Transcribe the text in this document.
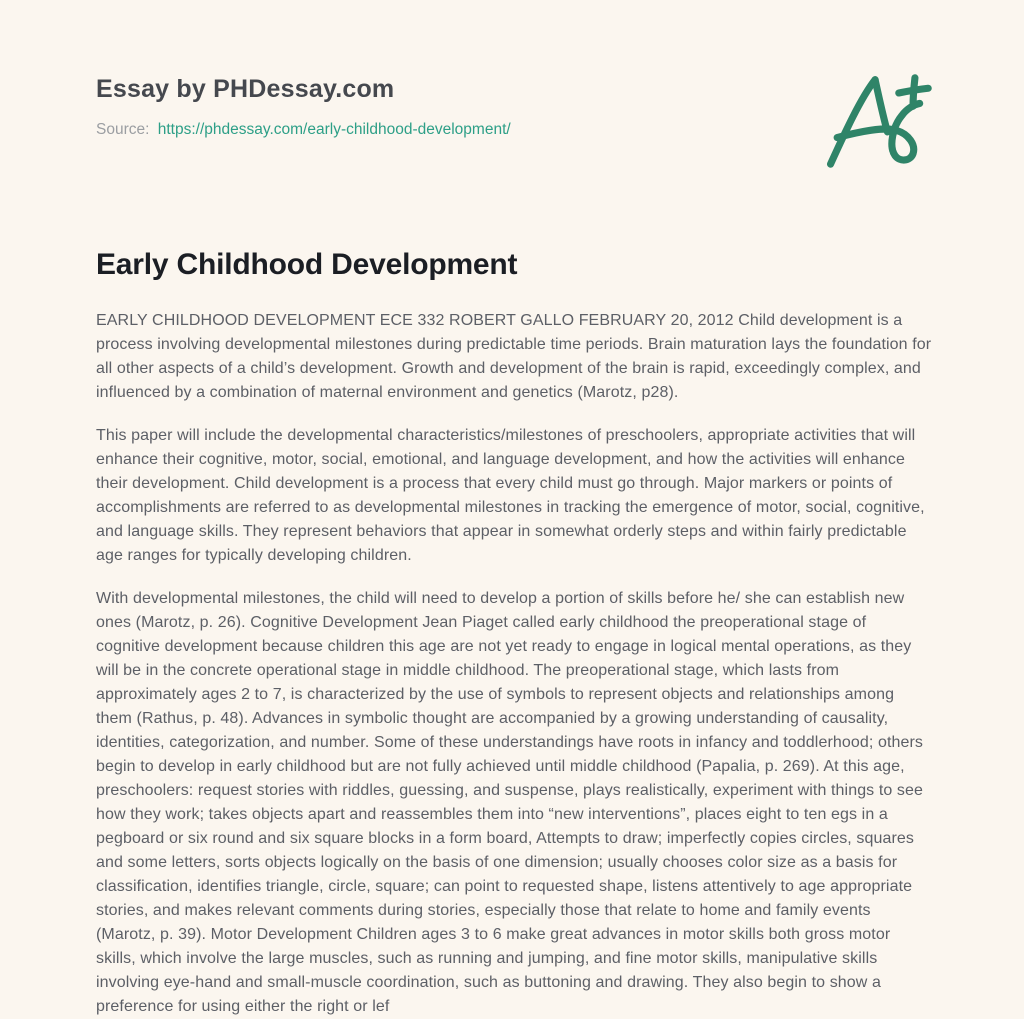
Essay by PHDessay.com

Source: https://phdessay.com/early-childhood-development/

Early Childhood Development

EARLY CHILDHOOD DEVELOPMENT ECE 332 ROBERT GALLO FEBRUARY 20, 2012 Child development is a process involving developmental milestones during predictable time periods. Brain maturation lays the foundation for all other aspects of a child’s development. Growth and development of the brain is rapid, exceedingly complex, and influenced by a combination of maternal environment and genetics (Marotz, p28).

This paper will include the developmental characteristics/milestones of preschoolers, appropriate activities that will enhance their cognitive, motor, social, emotional, and language development, and how the activities will enhance their development. Child development is a process that every child must go through. Major markers or points of accomplishments are referred to as developmental milestones in tracking the emergence of motor, social, cognitive, and language skills. They represent behaviors that appear in somewhat orderly steps and within fairly predictable age ranges for typically developing children.

With developmental milestones, the child will need to develop a portion of skills before he/ she can establish new ones (Marotz, p. 26). Cognitive Development Jean Piaget called early childhood the preoperational stage of cognitive development because children this age are not yet ready to engage in logical mental operations, as they will be in the concrete operational stage in middle childhood. The preoperational stage, which lasts from approximately ages 2 to 7, is characterized by the use of symbols to represent objects and relationships among them (Rathus, p. 48). Advances in symbolic thought are accompanied by a growing understanding of causality, identities, categorization, and number. Some of these understandings have roots in infancy and toddlerhood; others begin to develop in early childhood but are not fully achieved until middle childhood (Papalia, p. 269). At this age, preschoolers: request stories with riddles, guessing, and suspense, plays realistically, experiment with things to see how they work; takes objects apart and reassembles them into “new interventions”, places eight to ten egs in a pegboard or six round and six square blocks in a form board, Attempts to draw; imperfectly copies circles, squares and some letters, sorts objects logically on the basis of one dimension; usually chooses color size as a basis for classification, identifies triangle, circle, square; can point to requested shape, listens attentively to age appropriate stories, and makes relevant comments during stories, especially those that relate to home and family events (Marotz, p. 39). Motor Development Children ages 3 to 6 make great advances in motor skills both gross motor skills, which involve the large muscles, such as running and jumping, and fine motor skills, manipulative skills involving eye-hand and small-muscle coordination, such as buttoning and drawing. They also begin to show a preference for using either the right or lef
